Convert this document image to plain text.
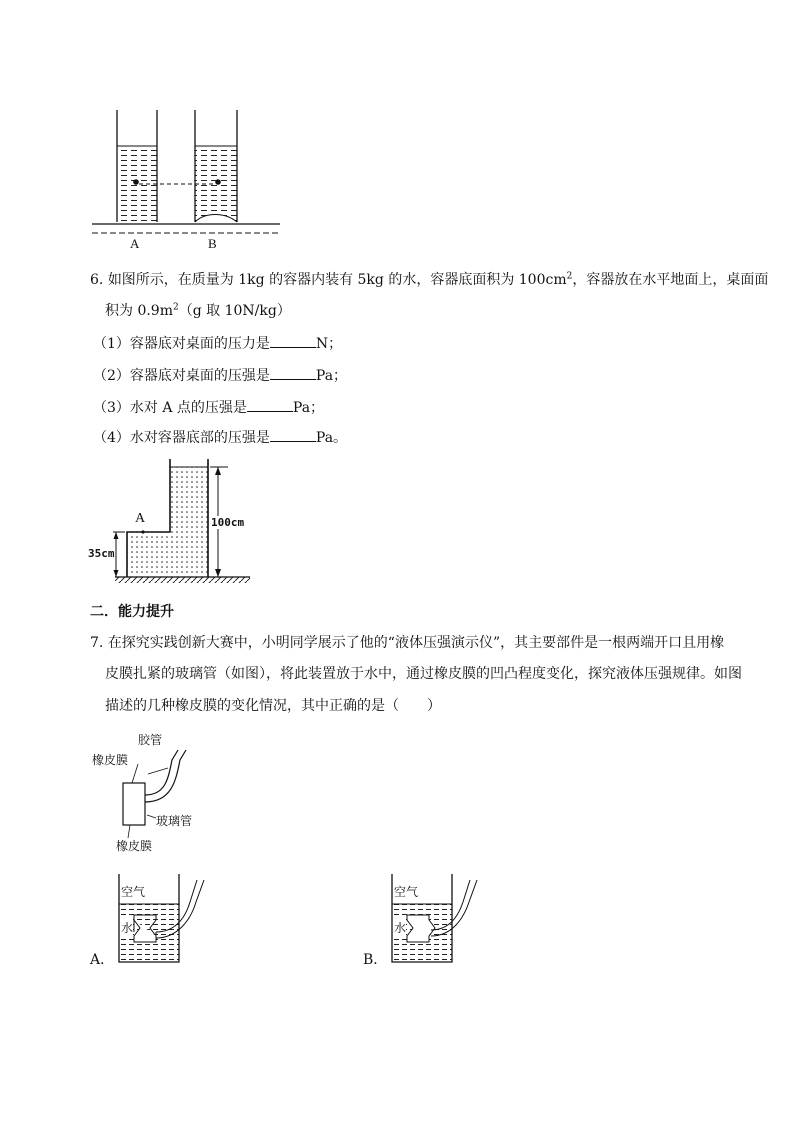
A	B
6. 如图所示，在质量为 1kg 的容器内装有 5kg 的水，容器底面积为 $100cm^2$，容器放在水平地面上，桌面面
积为 $0.9m^2(g$ 取 10N/kg）
（1）容器底对桌面的压力是	N；
（2）容器底对桌面的压强是	Pa；
（3）水对 A 点的压强是	Pa；
（4）水对容器底部的压强是	Pa。
A	100cm
35cm
二．能力提升
7. 在探究实践创新大赛中，小明同学展示了他的“液体压强演示仪”，其主要部件是一根两端开口且用橡
皮膜扎紧的玻璃管（如图），将此装置放于水中，通过橡皮膜的凹凸程度变化，探究液体压强规律。如图
描述的几种橡皮膜的变化情况，其中正确的是（　　）
胶管
橡皮膜
玻璃管
橡皮膜
A．
空气
水
B．
空气
水
